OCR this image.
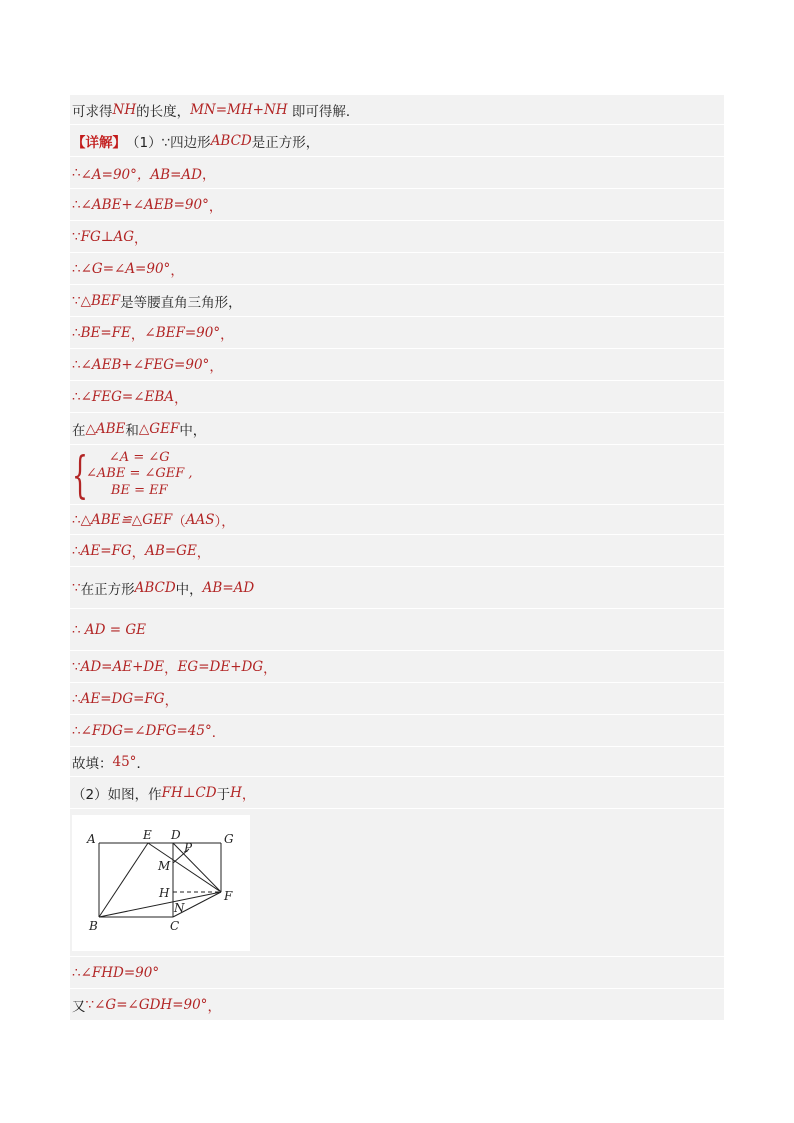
可求得 NH 的长度， MN=MH+NH 即可得解．
【详解】 （1）∵四边形 ABCD 是正方形，
∴ ∠A=90°，AB=AD ，
∴ ∠ABE+∠AEB=90° ，
∵ FG⊥AG ，
∴ ∠G=∠A=90° ，
∵ △BEF 是等腰直角三角形，
∴ BE=FE ， ∠BEF=90° ，
∴ ∠AEB+∠FEG=90° ，
∴ ∠FEG=∠EBA ，
在 △ABE 和 △GEF 中，
{	∠A = ∠G
∠ABE = ∠GEF ,
BE = EF
∴ △ABE≌△GEF （ AAS ），
∴ AE=FG ， AB=GE ，
∵ 在正方形 ABCD 中， AB=AD
∴ AD = GE
∵ AD=AE+DE ， EG=DE+DG ，
∴ AE=DG=FG ，
∴ ∠FDG=∠DFG=45° ．
故填： 45° ．
（2）如图，作 FH⊥CD 于 H ，
A	E D
P
G
M
H	F
N
B	C
∴ ∠FHD=90°
又 ∵ ∠G=∠GDH=90° ，
